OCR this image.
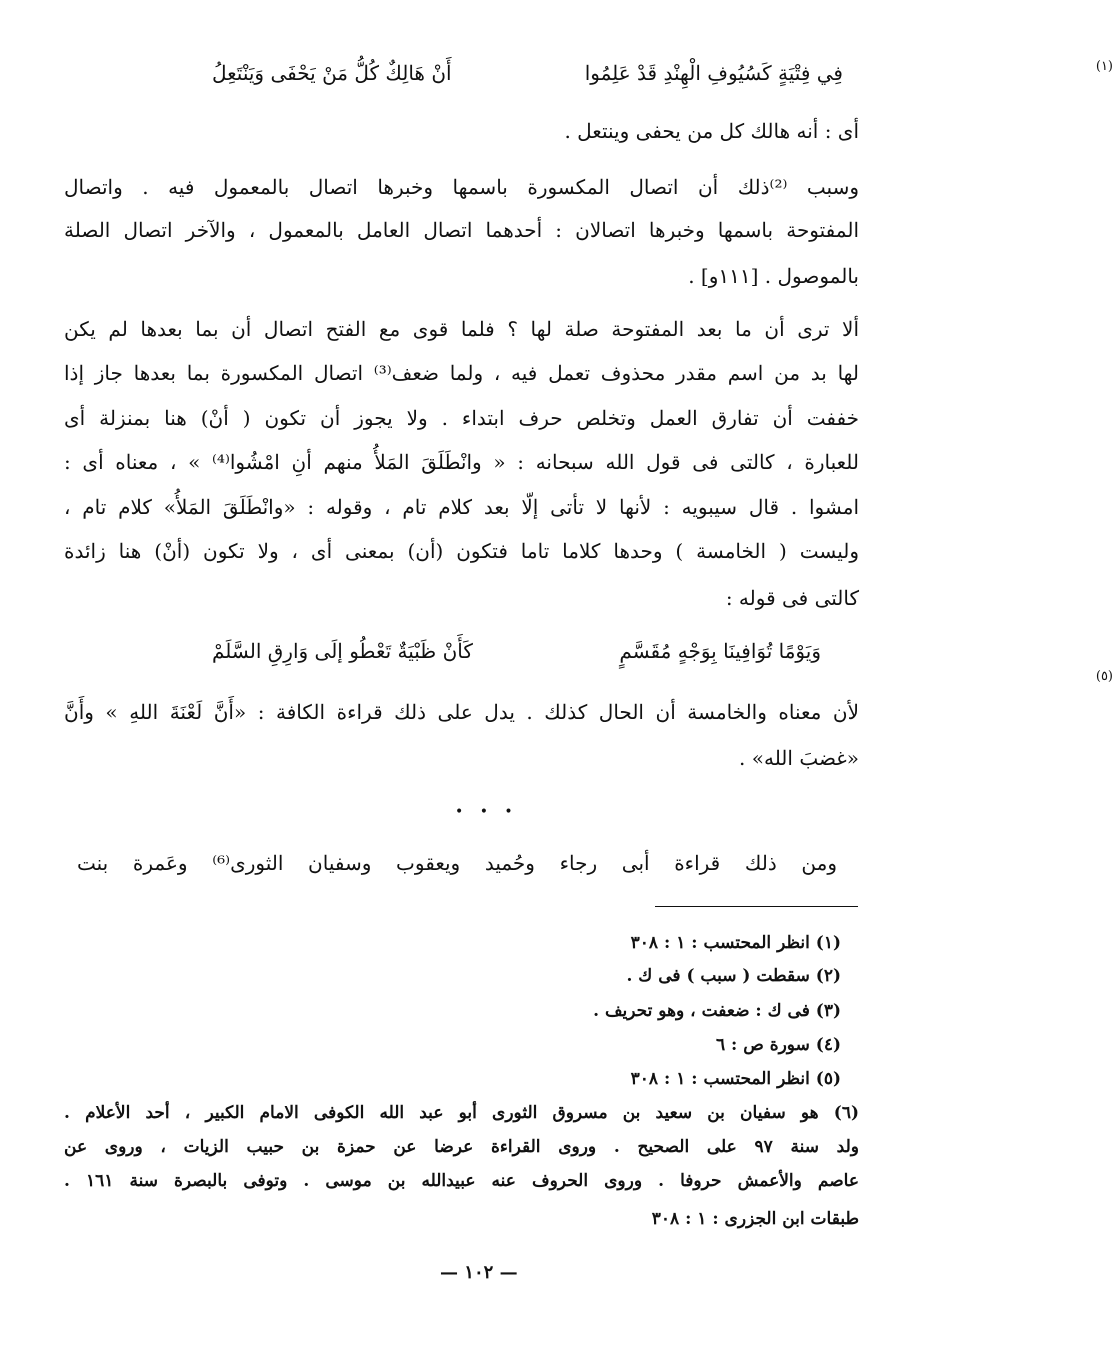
فِي فِتْيَةٍ كَسُيُوفِ الْهِنْدِ قَدْ عَلِمُوا
أَنْ هَالِكٌ كُلُّ مَنْ يَحْفَى وَيَنْتَعِلُ	(١)
أى : أنه هالك كل من يحفى وينتعل .
وسبب ⁽²⁾ذلك أن اتصال المكسورة باسمها وخبرها اتصال بالمعمول فيه . واتصال
المفتوحة باسمها وخبرها اتصالان : أحدهما اتصال العامل بالمعمول ، والآخر اتصال الصلة
بالموصول . [١١١و] .
ألا ترى أن ما بعد المفتوحة صلة لها ؟ فلما قوى مع الفتح اتصال أن بما بعدها لم يكن
لها بد من اسم مقدر محذوف تعمل فيه ، ولما ضعف⁽³⁾ اتصال المكسورة بما بعدها جاز إذا
خففت أن تفارق العمل وتخلص حرف ابتداء . ولا يجوز أن تكون ( أنْ) هنا بمنزلة أى
للعبارة ، كالتى فى قول الله سبحانه : « وانْطَلَقَ المَلأُ منهم أنِ امْشُوا⁽⁴⁾ » ، معناه أى :
امشوا . قال سيبويه : لأنها لا تأتى إلّا بعد كلام تام ، وقوله : «وانْطَلَقَ المَلأُ» كلام تام ،
وليست ( الخامسة ) وحدها كلاما تاما فتكون (أن) بمعنى أى ، ولا تكون (أنْ) هنا زائدة
كالتى فى قوله :
وَيَوْمًا تُوَافِينَا بِوَجْهٍ مُقَسَّمٍ
كَأَنْ ظَبْيَةٌ تَعْطُو إلَى وَارِقِ السَّلَمْ
(٥)
لأن معناه والخامسة أن الحال كذلك . يدل على ذلك قراءة الكافة : «أَنَّ لَعْنَةَ اللهِ » وأَنَّ
«غضبَ الله» .
• • •
ومن ذلك قراءة أبى رجاء وحُميد ويعقوب وسفيان الثورى⁽⁶⁾ وعَمرة بنت
(١) انظر المحتسب : ١ : ٣٠٨
(٢) سقطت ( سبب ) فى ك .
(٣) فى ك : ضعفت ، وهو تحريف .
(٤) سورة ص : ٦
(٥) انظر المحتسب : ١ : ٣٠٨
(٦) هو سفيان بن سعيد بن مسروق الثورى أبو عبد الله الكوفى الامام الكبير ، أحد الأعلام .
ولد سنة ٩٧ على الصحيح . وروى القراءة عرضا عن حمزة بن حبيب الزيات ، وروى عن
عاصم والأعمش حروفا . وروى الحروف عنه عبيدالله بن موسى . وتوفى بالبصرة سنة ١٦١ .
طبقات ابن الجزرى : ١ : ٣٠٨
— ١٠٢ —
